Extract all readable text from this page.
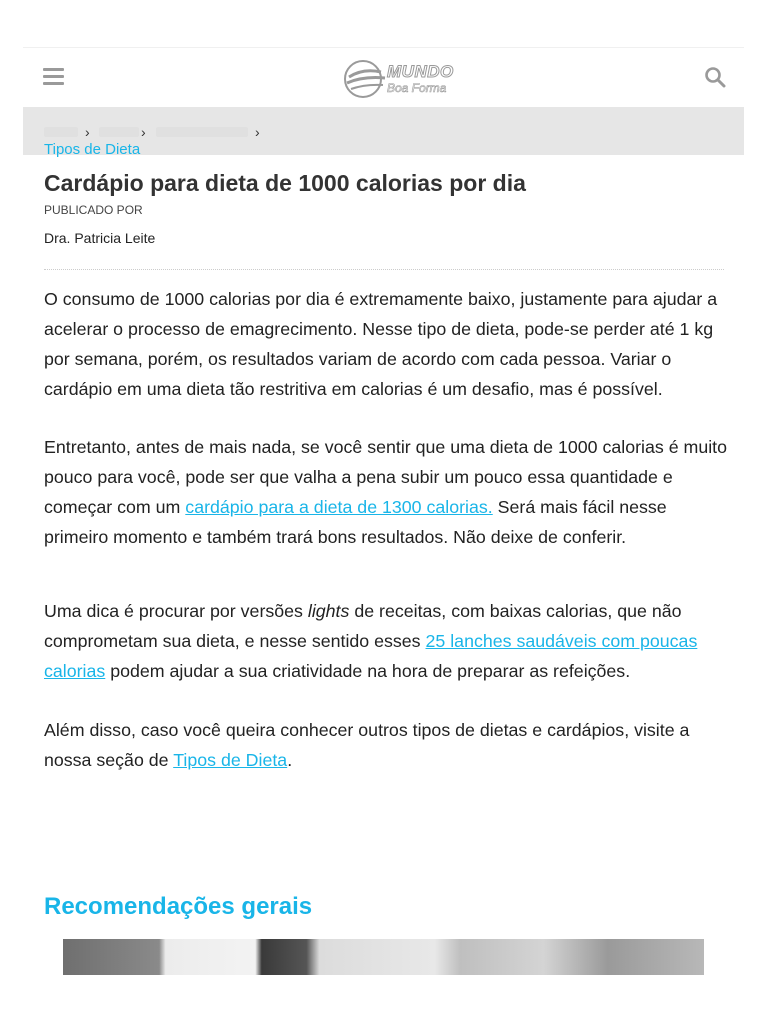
MUNDO
Boa Forma
›	›	›
Tipos de Dieta
Cardápio para dieta de 1000 calorias por dia
PUBLICADO POR
Dra. Patricia Leite

O consumo de 1000 calorias por dia é extremamente baixo, justamente para ajudar a acelerar o processo de emagrecimento. Nesse tipo de dieta, pode-se perder até 1 kg por semana, porém, os resultados variam de acordo com cada pessoa. Variar o cardápio em uma dieta tão restritiva em calorias é um desafio, mas é possível.

Entretanto, antes de mais nada, se você sentir que uma dieta de 1000 calorias é muito pouco para você, pode ser que valha a pena subir um pouco essa quantidade e começar com um cardápio para a dieta de 1300 calorias. Será mais fácil nesse primeiro momento e também trará bons resultados. Não deixe de conferir.

Uma dica é procurar por versões lights de receitas, com baixas calorias, que não comprometam sua dieta, e nesse sentido esses 25 lanches saudáveis com poucas calorias podem ajudar a sua criatividade na hora de preparar as refeições.

Além disso, caso você queira conhecer outros tipos de dietas e cardápios, visite a nossa seção de Tipos de Dieta.

Recomendações gerais
